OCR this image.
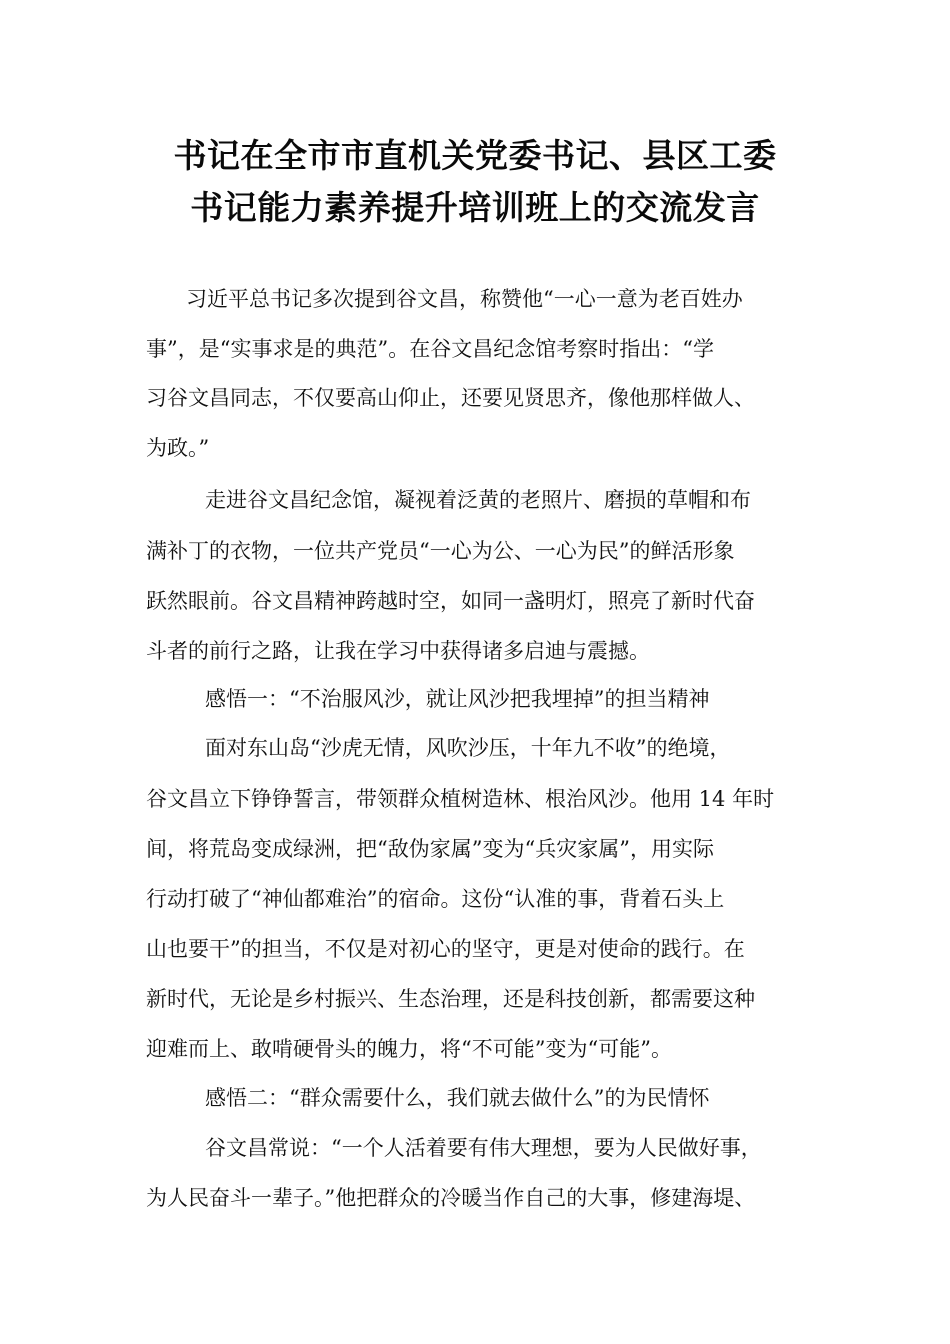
书记在全市市直机关党委书记、县区工委
书记能力素养提升培训班上的交流发言
习近平总书记多次提到谷文昌，称赞他“一心一意为老百姓办
事”，是“实事求是的典范”。在谷文昌纪念馆考察时指出：“学
习谷文昌同志，不仅要高山仰止，还要见贤思齐，像他那样做人、
为政。”
走进谷文昌纪念馆，凝视着泛黄的老照片、磨损的草帽和布
满补丁的衣物，一位共产党员“一心为公、一心为民”的鲜活形象
跃然眼前。谷文昌精神跨越时空，如同一盏明灯，照亮了新时代奋
斗者的前行之路，让我在学习中获得诸多启迪与震撼。
感悟一：“不治服风沙，就让风沙把我埋掉”的担当精神
面对东山岛“沙虎无情，风吹沙压，十年九不收”的绝境，
谷文昌立下铮铮誓言，带领群众植树造林、根治风沙。他用 14 年时
间，将荒岛变成绿洲，把“敌伪家属”变为“兵灾家属”，用实际
行动打破了“神仙都难治”的宿命。这份“认准的事，背着石头上
山也要干”的担当，不仅是对初心的坚守，更是对使命的践行。在
新时代，无论是乡村振兴、生态治理，还是科技创新，都需要这种
迎难而上、敢啃硬骨头的魄力，将“不可能”变为“可能”。
感悟二：“群众需要什么，我们就去做什么”的为民情怀
谷文昌常说：“一个人活着要有伟大理想，要为人民做好事，
为人民奋斗一辈子。”他把群众的冷暖当作自己的大事，修建海堤、
